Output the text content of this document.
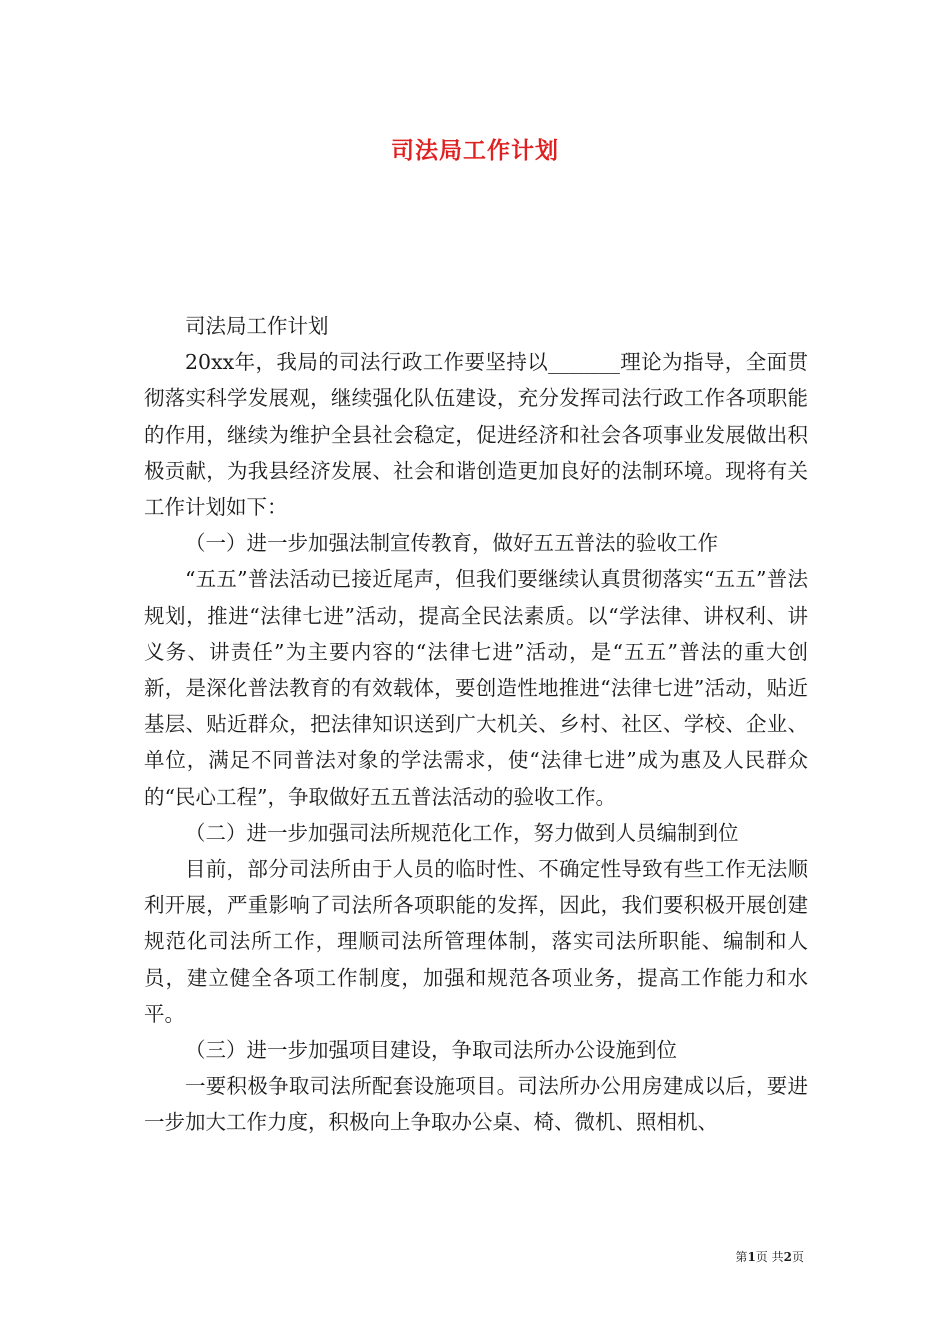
司法局工作计划

司法局工作计划

20xx年，我局的司法行政工作要坚持以_______理论为指导，全面贯彻落实科学发展观，继续强化队伍建设，充分发挥司法行政工作各项职能的作用，继续为维护全县社会稳定，促进经济和社会各项事业发展做出积极贡献，为我县经济发展、社会和谐创造更加良好的法制环境。现将有关工作计划如下：

（一）进一步加强法制宣传教育，做好五五普法的验收工作

“五五”普法活动已接近尾声，但我们要继续认真贯彻落实“五五”普法规划，推进“法律七进”活动，提高全民法素质。以“学法律、讲权利、讲义务、讲责任”为主要内容的“法律七进”活动，是“五五”普法的重大创新，是深化普法教育的有效载体，要创造性地推进“法律七进”活动，贴近基层、贴近群众，把法律知识送到广大机关、乡村、社区、学校、企业、单位，满足不同普法对象的学法需求，使“法律七进”成为惠及人民群众的“民心工程”，争取做好五五普法活动的验收工作。

（二）进一步加强司法所规范化工作，努力做到人员编制到位

目前，部分司法所由于人员的临时性、不确定性导致有些工作无法顺利开展，严重影响了司法所各项职能的发挥，因此，我们要积极开展创建规范化司法所工作，理顺司法所管理体制，落实司法所职能、编制和人员，建立健全各项工作制度，加强和规范各项业务，提高工作能力和水平。

（三）进一步加强项目建设，争取司法所办公设施到位

一要积极争取司法所配套设施项目。司法所办公用房建成以后，要进一步加大工作力度，积极向上争取办公桌、椅、微机、照相机、

第1页 共2页
